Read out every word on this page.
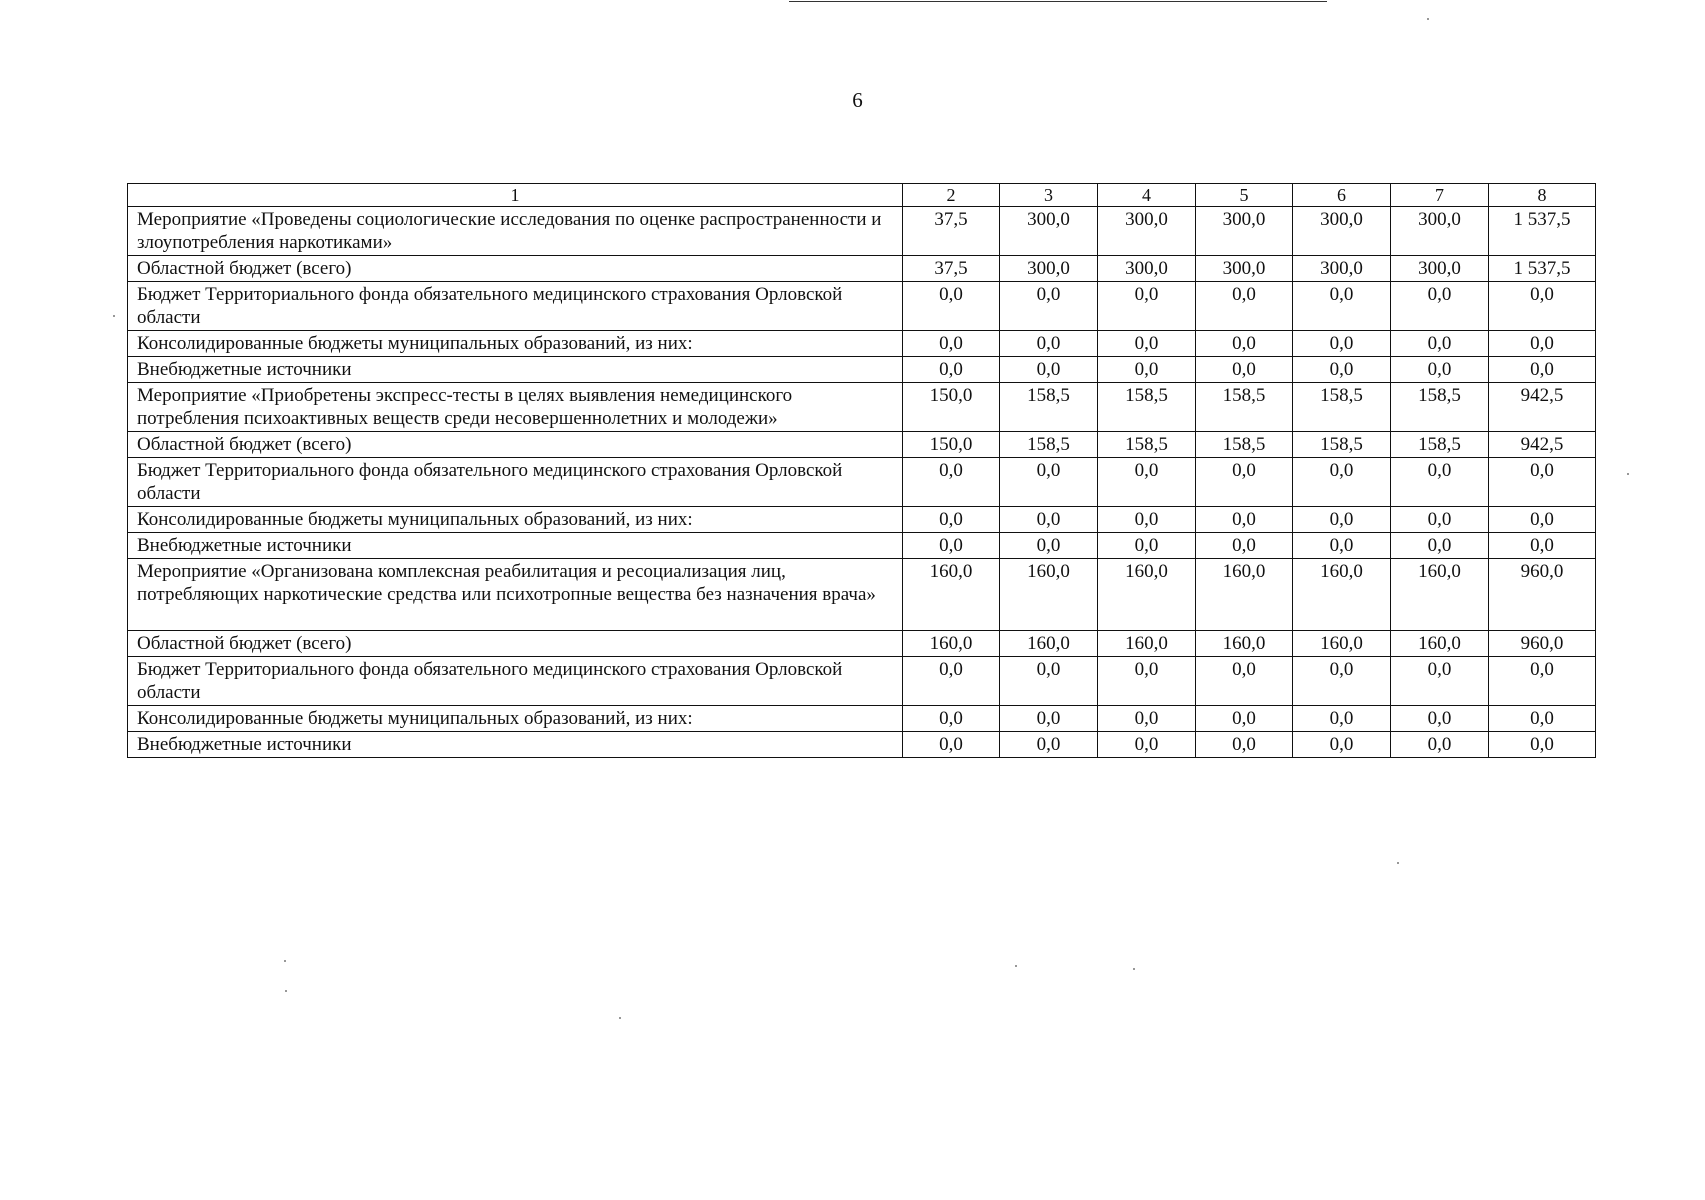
6
1	2	3	4	5	6	7	8
Мероприятие «Проведены социологические исследования по оценке распространенности и злоупотребления наркотиками»	37,5	300,0	300,0	300,0	300,0	300,0	1 537,5
Областной бюджет (всего)	37,5	300,0	300,0	300,0	300,0	300,0	1 537,5
Бюджет Территориального фонда обязательного медицинского страхования Орловской области	0,0	0,0	0,0	0,0	0,0	0,0	0,0
Консолидированные бюджеты муниципальных образований, из них:	0,0	0,0	0,0	0,0	0,0	0,0	0,0
Внебюджетные источники	0,0	0,0	0,0	0,0	0,0	0,0	0,0
Мероприятие «Приобретены экспресс-тесты в целях выявления немедицинского потребления психоактивных веществ среди несовершеннолетних и молодежи»	150,0	158,5	158,5	158,5	158,5	158,5	942,5
Областной бюджет (всего)	150,0	158,5	158,5	158,5	158,5	158,5	942,5
Бюджет Территориального фонда обязательного медицинского страхования Орловской области	0,0	0,0	0,0	0,0	0,0	0,0	0,0
Консолидированные бюджеты муниципальных образований, из них:	0,0	0,0	0,0	0,0	0,0	0,0	0,0
Внебюджетные источники	0,0	0,0	0,0	0,0	0,0	0,0	0,0
Мероприятие «Организована комплексная реабилитация и ресоциализация лиц, потребляющих наркотические средства или психотропные вещества без назначения врача»	160,0	160,0	160,0	160,0	160,0	160,0	960,0
Областной бюджет (всего)	160,0	160,0	160,0	160,0	160,0	160,0	960,0
Бюджет Территориального фонда обязательного медицинского страхования Орловской области	0,0	0,0	0,0	0,0	0,0	0,0	0,0
Консолидированные бюджеты муниципальных образований, из них:	0,0	0,0	0,0	0,0	0,0	0,0	0,0
Внебюджетные источники	0,0	0,0	0,0	0,0	0,0	0,0	0,0
